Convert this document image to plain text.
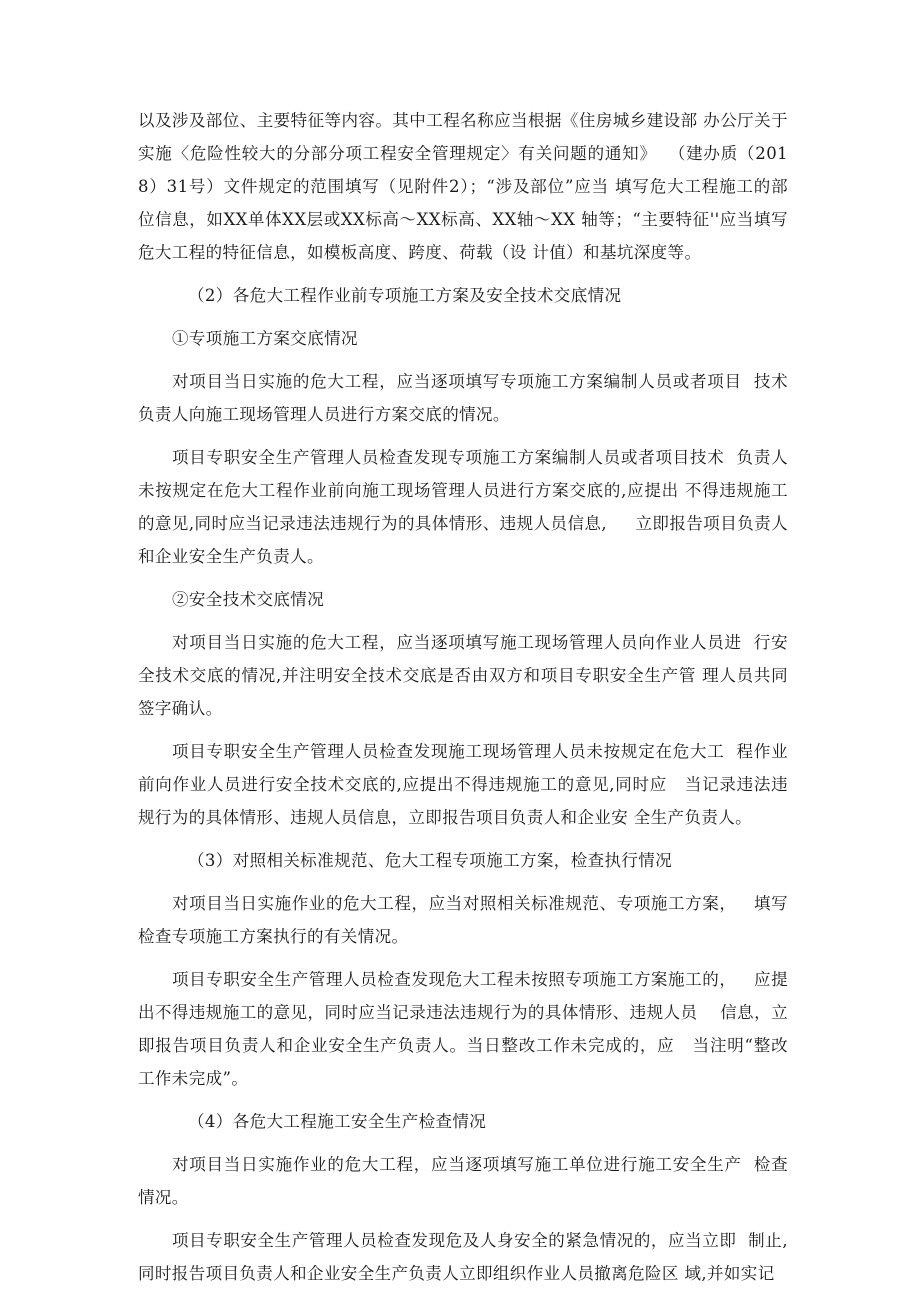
以及涉及部位、主要特征等内容。其中工程名称应当根据《住房城乡建设部 办公厅关于实施〈危险性较大的分部分项工程安全管理规定〉有关问题的通知》  （建办质（2018）31号）文件规定的范围填写（见附件2）；“涉及部位”应当 填写危大工程施工的部位信息，如XX单体XX层或XX标高～XX标高、XX轴～XX 轴等；“主要特征''应当填写危大工程的特征信息，如模板高度、跨度、荷载（设 计值）和基坑深度等。

（2）各危大工程作业前专项施工方案及安全技术交底情况

①专项施工方案交底情况

对项目当日实施的危大工程，应当逐项填写专项施工方案编制人员或者项目  技术负责人向施工现场管理人员进行方案交底的情况。

项目专职安全生产管理人员检查发现专项施工方案编制人员或者项目技术  负责人未按规定在危大工程作业前向施工现场管理人员进行方案交底的,应提出 不得违规施工的意见,同时应当记录违法违规行为的具体情形、违规人员信息,     立即报告项目负责人和企业安全生产负责人。

②安全技术交底情况

对项目当日实施的危大工程，应当逐项填写施工现场管理人员向作业人员进  行安全技术交底的情况,并注明安全技术交底是否由双方和项目专职安全生产管 理人员共同签字确认。

项目专职安全生产管理人员检查发现施工现场管理人员未按规定在危大工  程作业前向作业人员进行安全技术交底的,应提出不得违规施工的意见,同时应   当记录违法违规行为的具体情形、违规人员信息，立即报告项目负责人和企业安 全生产负责人。

（3）对照相关标准规范、危大工程专项施工方案，检查执行情况

对项目当日实施作业的危大工程，应当对照相关标准规范、专项施工方案，   填写检查专项施工方案执行的有关情况。

项目专职安全生产管理人员检查发现危大工程未按照专项施工方案施工的，   应提出不得违规施工的意见，同时应当记录违法违规行为的具体情形、违规人员    信息，立即报告项目负责人和企业安全生产负责人。当日整改工作未完成的，应   当注明“整改工作未完成”。

（4）各危大工程施工安全生产检查情况

对项目当日实施作业的危大工程，应当逐项填写施工单位进行施工安全生产  检查情况。

项目专职安全生产管理人员检查发现危及人身安全的紧急情况的，应当立即  制止,同时报告项目负责人和企业安全生产负责人立即组织作业人员撤离危险区 域,并如实记
